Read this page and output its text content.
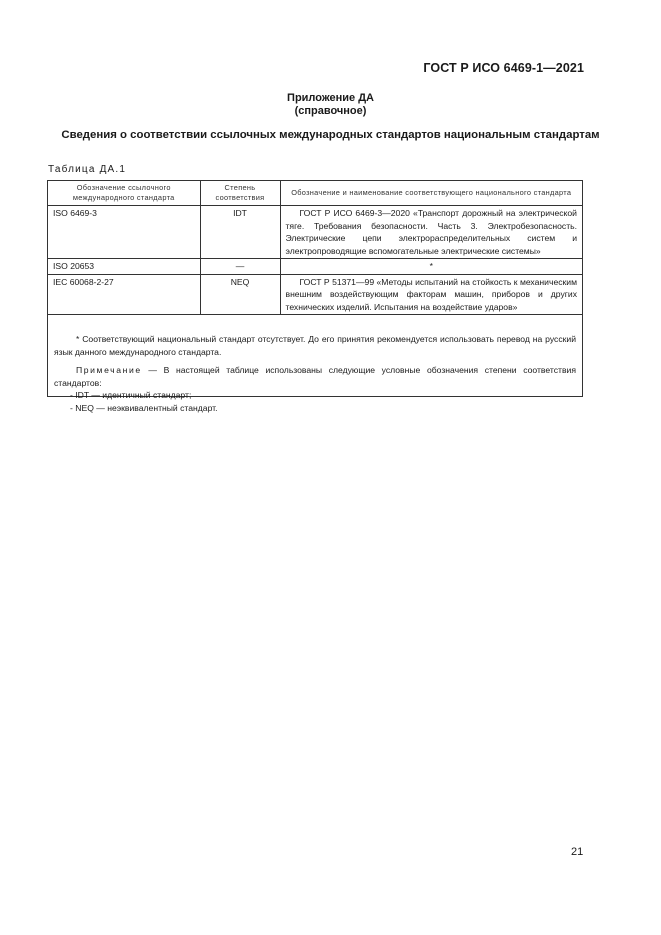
ГОСТ Р ИСО 6469-1—2021
Приложение ДА
(справочное)
Сведения о соответствии ссылочных международных стандартов национальным стандартам
Таблица ДА.1
Обозначение ссылочного международного стандарта	Степень соответствия	Обозначение и наименование соответствующего национального стандарта
ISO 6469-3	IDT	ГОСТ Р ИСО 6469-3—2020 «Транспорт дорожный на электрической тяге. Требования безопасности. Часть 3. Электробезопасность. Электрические цепи электрораспределительных систем и электропроводящие вспомогательные электрические системы»
ISO 20653	—	*
IEC 60068-2-27	NEQ	ГОСТ Р 51371—99 «Методы испытаний на стойкость к механическим внешним воздействующим факторам машин, приборов и других технических изделий. Испытания на воздействие ударов»

* Соответствующий национальный стандарт отсутствует. До его принятия рекомендуется использовать перевод на русский язык данного международного стандарта.

Примечание — В настоящей таблице использованы следующие условные обозначения степени соответствия стандартов:

- IDT — идентичный стандарт;

- NEQ — неэквивалентный стандарт.

21
